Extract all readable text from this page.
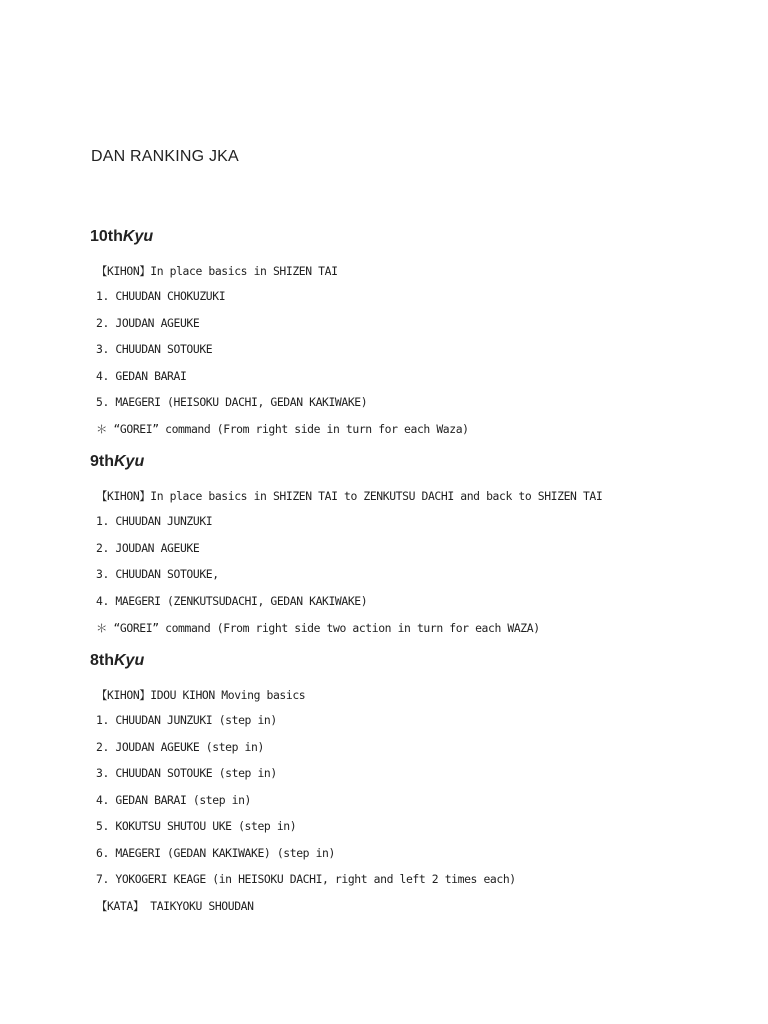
DAN RANKING JKA
10thKyu
【KIHON】In place basics in SHIZEN TAI
1. CHUUDAN CHOKUZUKI
2. JOUDAN AGEUKE
3. CHUUDAN SOTOUKE
4. GEDAN BARAI
5. MAEGERI (HEISOKU DACHI, GEDAN KAKIWAKE)
＊ “GOREI” command (From right side in turn for each Waza)
9thKyu
【KIHON】In place basics in SHIZEN TAI to ZENKUTSU DACHI and back to SHIZEN TAI
1. CHUUDAN JUNZUKI
2. JOUDAN AGEUKE
3. CHUUDAN SOTOUKE,
4. MAEGERI (ZENKUTSUDACHI, GEDAN KAKIWAKE)
＊ “GOREI” command (From right side two action in turn for each WAZA)
8thKyu
【KIHON】IDOU KIHON Moving basics
1. CHUUDAN JUNZUKI (step in)
2. JOUDAN AGEUKE (step in)
3. CHUUDAN SOTOUKE (step in)
4. GEDAN BARAI (step in)
5. KOKUTSU SHUTOU UKE (step in)
6. MAEGERI (GEDAN KAKIWAKE) (step in)
7. YOKOGERI KEAGE (in HEISOKU DACHI, right and left 2 times each)
【KATA】 TAIKYOKU SHOUDAN
